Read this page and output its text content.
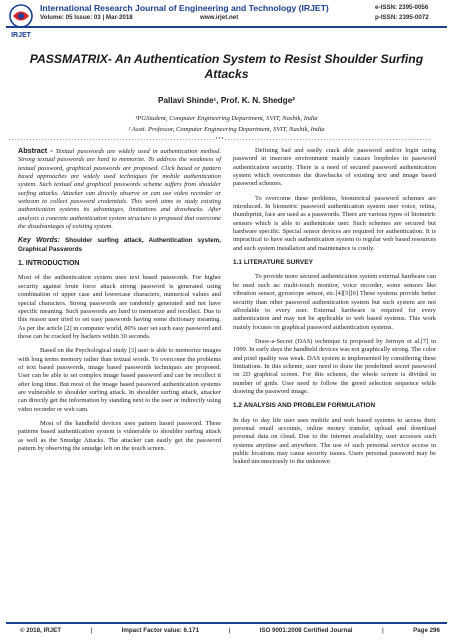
IRJET
International Research Journal of Engineering and Technology (IRJET)
Volume: 05 Issue: 03 | Mar-2018	www.irjet.net
e-ISSN: 2395-0056
p-ISSN: 2395-0072
PASSMATRIX- An Authentication System to Resist Shoulder Surfing Attacks
Pallavi Shinde¹, Prof. K. N. Shedge²
¹PGStudent, Computer Engineering Department, SVIT, Nashik, India
² Asstt. Professor, Computer Engineering Department, SVIT, Nashik, India
---------------------------------------------------------------------***---------------------------------------------------------------------

Abstract - Textual passwords are widely used in authentication method. Strong textual passwords are hard to memorize. To address the weakness of textual password, graphical passwords are proposed. Click based or pattern based approaches are widely used techniques for mobile authentication system. Such textual and graphical passwords scheme suffers from shoulder surfing attacks. Attacker can directly observe or can use video recorder or webcam to collect password credentials. This work aims to study existing authentication systems its advantages, limitations and drawbacks. After analysis a concrete authentication system structure is proposed that overcome the disadvantages of existing system.

Key Words: Shoulder surfing attack, Authentication system, Graphical Passwords

1. INTRODUCTION

Most of the authentication system uses text based passwords. For higher security against brute force attack strong password is generated using combination of upper case and lowercase characters, numerical values and special characters. Strong passwords are randomly generated and not have specific meaning. Such passwords are hard to memorize and recollect. Due to this reason user tried to set easy passwords having some dictionary meaning. As per the article [2] in computer world, 80% user set such easy password and those can be cracked by hackers within 30 seconds.

Based on the Psychological study [3] user is able to memorize images with long terms memory rather than textual words. To overcome the problems of text based passwords, image based passwords techniques are proposed. User can be able to set complex image based password and can be recollect it after long time. But most of the image based password authentication systems are vulnerable to shoulder surfing attack. In shoulder surfing attack, attacker can directly get the information by standing next to the user or indirectly using video recorder or web cam.

Most of the handheld devices uses pattern based password. These patterns based authentication system is vulnerable to shoulder surfing attack as well as the Smudge Attacks. The attacker can easily get the password pattern by observing the smudge left on the touch screen.

Defining bad and easily crack able password and/or login using password in insecure environment mainly causes loopholes in password authentication security. There is a need of secured password authentication system which overcomes the drawbacks of existing text and image based password schemes.

To overcome these problems, biometrical password schemes are introduced. In biometric password authentication system user voice, retina, thumbprint, face are used as a passwords. There are various types of biometric sensors which is able to authenticate user. Such schemes are secured but hardware specific. Special sensor devices are required for authentication. It is impractical to have such authentication system to regular web based resources and such system installation and maintenance is costly.

1.1 LITERATURE SURVEY

To provide more secured authentication system external hardware can be used such as: multi-touch monitor, voice recorder, some sensors like vibration sensor, gyroscope sensor, etc.[4][5][6] These systems provide better security than other password authentication system but such system are not affordable to every user. External hardware is required for every authentication and may not be applicable to web based systems. This work mainly focuses on graphical password authentication systems.

Draw-a-Secret (DAS) technique is proposed by Jermyn et al.[7] in 1999. In early days the handheld devices was not graphically strong. The color and pixel quality was weak. DAS system is implemented by considering these limitations. In this scheme, user need to draw the predefined secret password on 2D graphical screen. For this scheme, the whole screen is divided in number of grids. User need to follow the greed selection sequence while drawing the password image.

1.2 ANALYSIS AND PROBLEM FORMULATION

In day to day life user uses mobile and web based systems to access their personal email accounts, online money transfer, upload and download personal data on cloud. Due to the internet availability, user accesses such systems anytime and anywhere. The use of such personal service access in public locations may cause security issues. Users personal password may be leaked unconsciously to the unknown

© 2018, IRJET	|	Impact Factor value: 6.171	|	ISO 9001:2008 Certified Journal	|	Page 296
